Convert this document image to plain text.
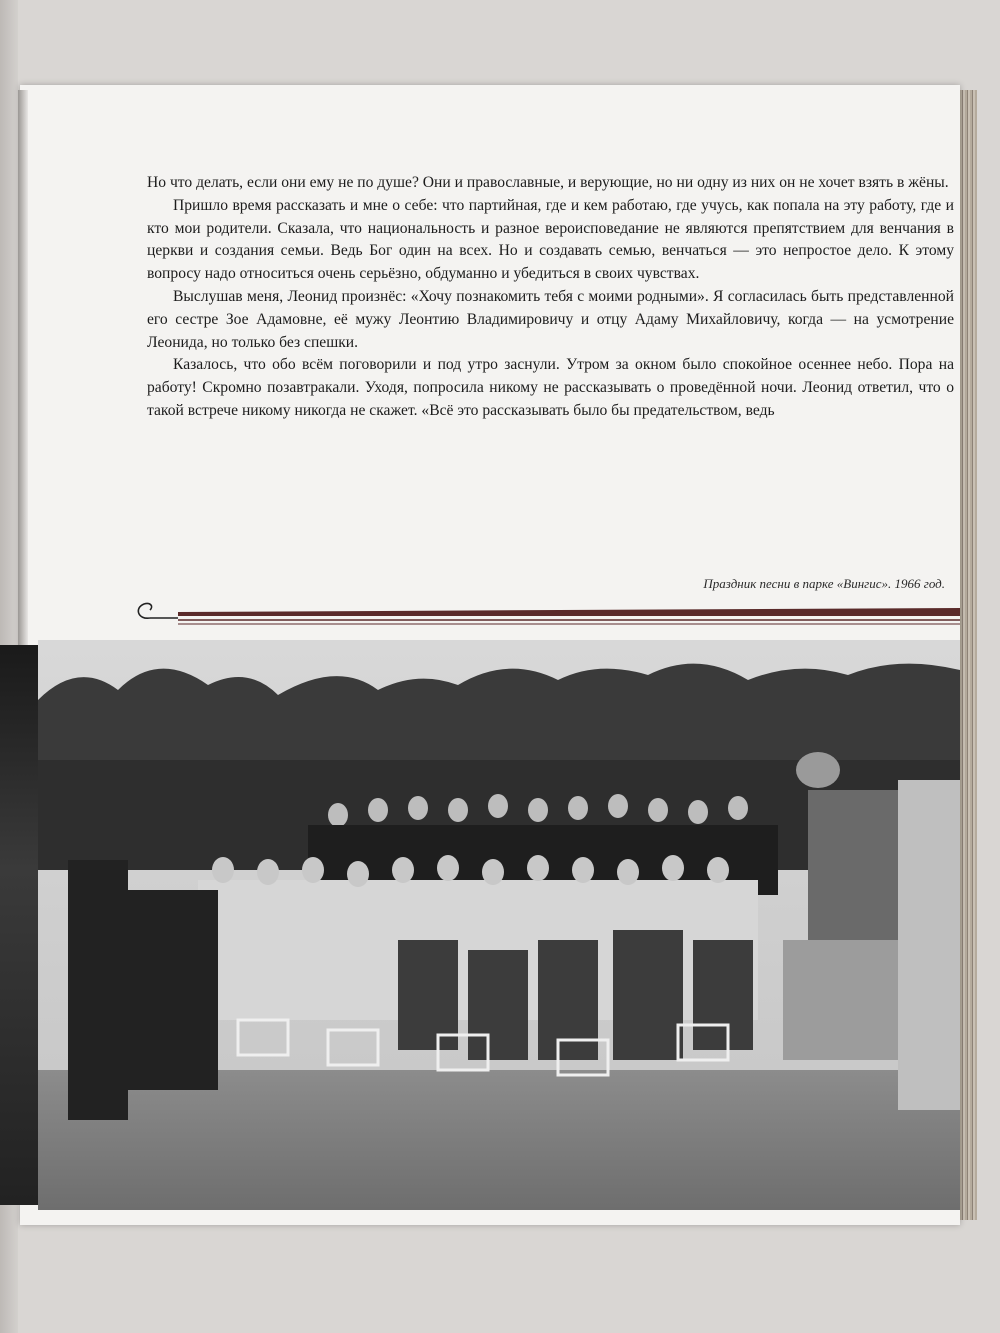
Но что делать, если они ему не по душе? Они и православные, и верующие, но ни одну из них он не хочет взять в жёны.

Пришло время рассказать и мне о себе: что партийная, где и кем работаю, где учусь, как попала на эту работу, где и кто мои родители. Сказала, что национальность и разное вероисповедание не являются препятствием для венчания в церкви и создания семьи. Ведь Бог один на всех. Но и создавать семью, венчаться — это непростое дело. К этому вопросу надо относиться очень серьёзно, обдуманно и убедиться в своих чувствах.

Выслушав меня, Леонид произнёс: «Хочу познакомить тебя с моими родными». Я согласилась быть представленной его сестре Зое Адамовне, её мужу Леонтию Владимировичу и отцу Адаму Михайловичу, когда — на усмотрение Леонида, но только без спешки.

Казалось, что обо всём поговорили и под утро заснули. Утром за окном было спокойное осеннее небо. Пора на работу! Скромно позавтракали. Уходя, попросила никому не рассказывать о проведённой ночи. Леонид ответил, что о такой встрече никому никогда не скажет. «Всё это рассказывать было бы предательством, ведь

Праздник песни в парке «Вингис». 1966 год.
